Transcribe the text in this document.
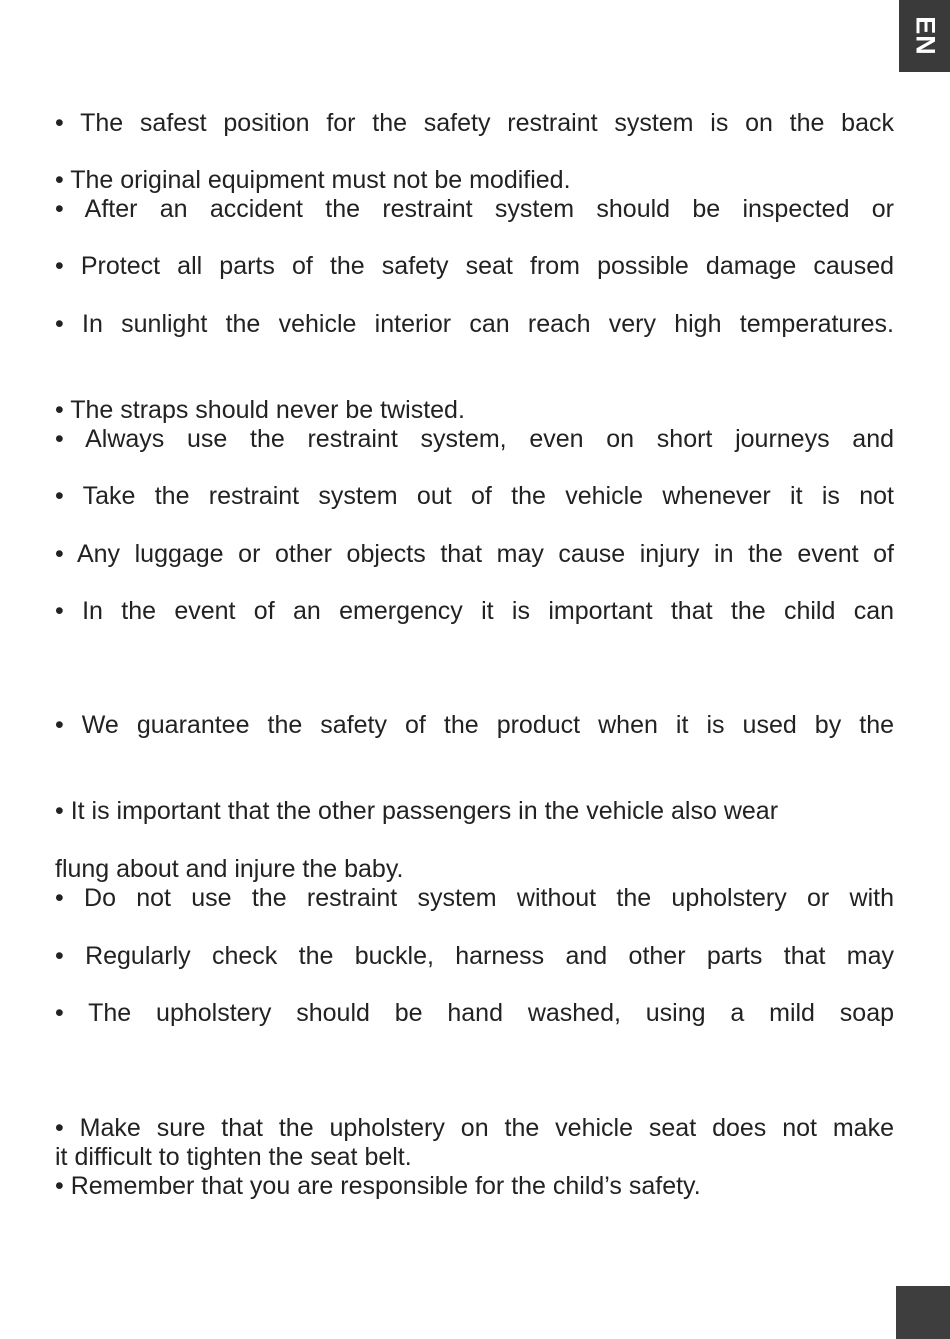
EN
• The safest position for the safety restraint system is on the back
• The original equipment must not be modified.
• After an accident the restraint system should be inspected or
• Protect all parts of the safety seat from possible damage caused
• In sunlight the vehicle interior can reach very high temperatures.
• The straps should never be twisted.
• Always use the restraint system, even on short journeys and
• Take the restraint system out of the vehicle whenever it is not
• Any luggage or other objects that may cause injury in the event of
• In the event of an emergency it is important that the child can
• We guarantee the safety of the product when it is used by the
• It is important that the other passengers in the vehicle also wear
flung about and injure the baby.
• Do not use the restraint system without the upholstery or with
• Regularly check the buckle, harness and other parts that may
• The upholstery should be hand washed, using a mild soap
• Make sure that the upholstery on the vehicle seat does not make
it difficult to tighten the seat belt.
• Remember that you are responsible for the child’s safety.
